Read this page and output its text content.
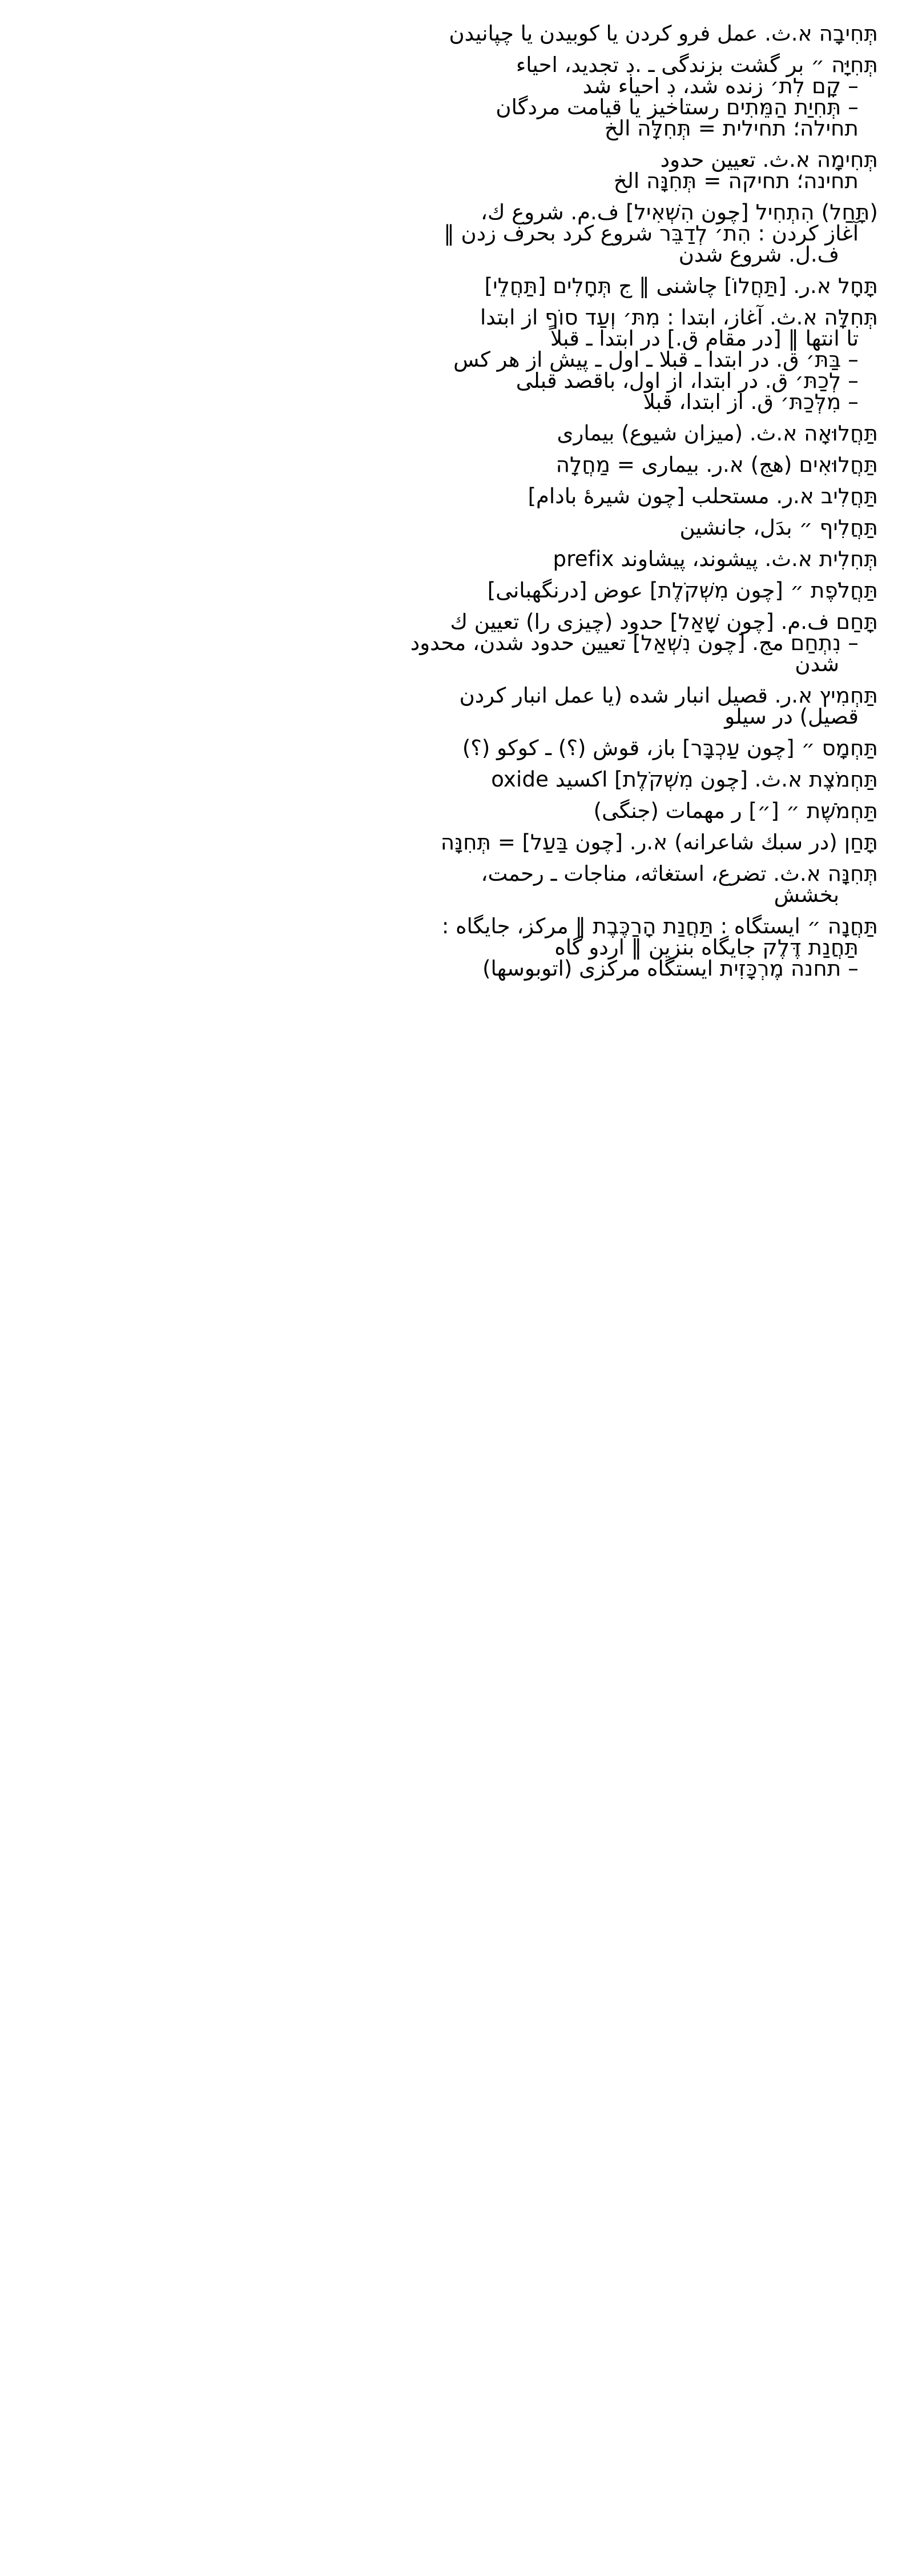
תְּחִיבָה א.ث. عمل فرو كردن یا كوبیدن یا چپانیدن
תְּחִיָּה ״ بر گشت بزندگی ـ .ڊ تجدید، احیاء
‏– קָם לִת׳ زنده شد، ڊ احیاء شد
‏– תְּחִיַת הַמֵּתִים رستاخیز یا قیامت مردگان
תחילה؛ תחילית = תְּחִלָּה الخ
תְּחִימָה א.ث. تعیین حدود
תחינה؛ תחיקה = תְּחִנָּה الخ
(תָּחַל) הִתְחִיל [چون הִשְׁאִיל] ف.م. شروع ك،
آغاز كردن : הִת׳ לְדַבֵּר شروع كرد بحرف زدن ‖
ف.ل. شروع شدن
תָּחָל א.ر. [תַּחֲלוֹ] چاشنی ‖ ج תְּחָלִים [תַּחֲלֵי]
תְּחִלָּה א.ث. آغاز، ابتدا : מִתּ׳ וְעַד סוֹף از ابتدا
تا انتها ‖ [در مقام ق.] در ابتدا ـ قبلاً
‏– בַּתּ׳ ق. در ابتدا ـ قبلا ـ اول ـ پیش از هر كس
‏– לְכַתּ׳ ق. در ابتدا، از اول، باقصد قبلی
‏– מִלְּכַתּ׳ ق. از ابتدا، قبلا
תַּחֲלוּאָה א.ث. (میزان شیوع) بیماری
תַּחֲלוּאִים (هج) א.ر. بیماری = מַחֲלָה
תַּחֲלִיב א.ر. مستحلب [چون شیرهٔ بادام]
תַּחֲלִיף ״ بدَل، جانشین
תְּחִלִית א.ث. پیشوند، پیشاوند prefix
תַּחֲלֹפֶת ״ [چون מִשְׁקֹלֶת] عوض [درنگهبانی]
תָּחַם ف.م. [چون שָׁאַל] حدود (چیزی را) تعیین ك
‏– נִתְחַם مج. [چون נִשְׁאַל] تعیین حدود شدن، محدود
شدن
תַּחְמִיץ א.ر. قصیل انبار شده (یا عمل انبار كردن
قصیل) در سیلو
תַּחְמָס ״ [چون עַכְבָּר] باز، قوش (؟) ـ كوكو (؟)
תַּחְמֹצֶת א.ث. [چون מִשְׁקֹלֶת] اكسید oxide
תַּחְמֹשֶׁת ״ [״] ر مهمات (جنگی)
תָּחַן (در سبك شاعرانه) א.ر. [چون בַּעַל] = תְּחִנָּה
תְּחִנָּה א.ث. تضرع، استغاثه، مناجات ـ رحمت،
بخشش
תַּחֲנָה ״ ایستگاه : תַּחֲנַת הָרַכֶּבֶת ‖ مركز، جایگاه :
תַּחֲנַת דֶּלֶק جایگاه بنزین ‖ اردو گاه
‏– תחנה מֶרְכָּזִית ایستگاه مركزی (اتوبوسها)
